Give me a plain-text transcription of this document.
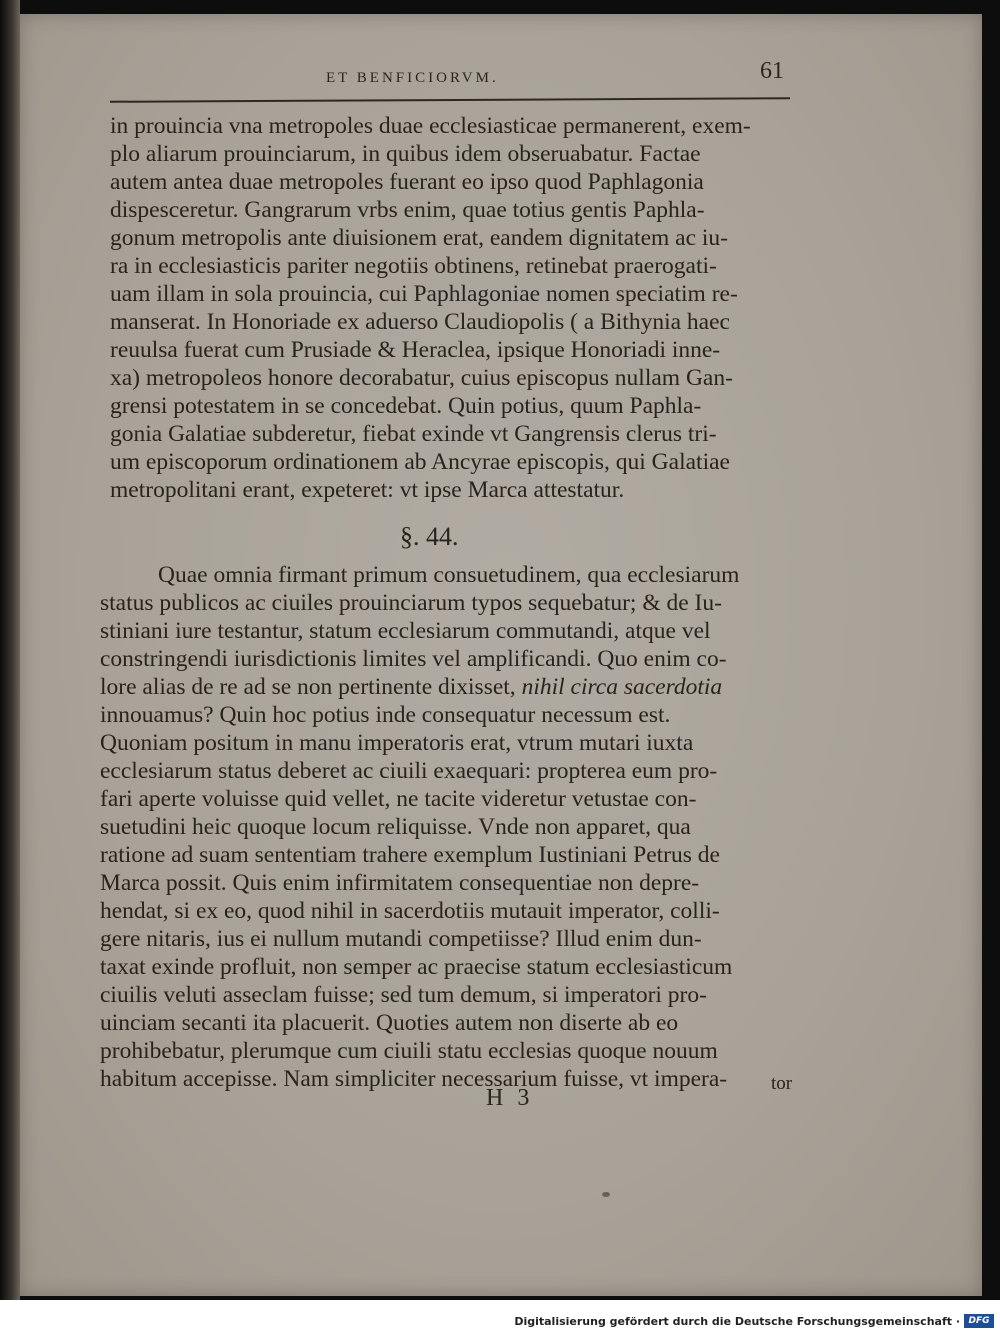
ET BENFICIORVM.	61
in prouincia vna metropoles duae ecclesiasticae permanerent, exem-
plo aliarum prouinciarum, in quibus idem obseruabatur. Factae
autem antea duae metropoles fuerant eo ipso quod Paphlagonia
dispesceretur. Gangrarum vrbs enim, quae totius gentis Paphla-
gonum metropolis ante diuisionem erat, eandem dignitatem ac iu-
ra in ecclesiasticis pariter negotiis obtinens, retinebat praerogati-
uam illam in sola prouincia, cui Paphlagoniae nomen speciatim re-
manserat. In Honoriade ex aduerso Claudiopolis ( a Bithynia haec
reuulsa fuerat cum Prusiade & Heraclea, ipsique Honoriadi inne-
xa) metropoleos honore decorabatur, cuius episcopus nullam Gan-
grensi potestatem in se concedebat. Quin potius, quum Paphla-
gonia Galatiae subderetur, fiebat exinde vt Gangrensis clerus tri-
um episcoporum ordinationem ab Ancyrae episcopis, qui Galatiae
metropolitani erant, expeteret: vt ipse Marca attestatur.
Quae omnia firmant primum consuetudinem, qua ecclesiarum
status publicos ac ciuiles prouinciarum typos sequebatur; & de Iu-
stiniani iure testantur, statum ecclesiarum commutandi, atque vel
constringendi iurisdictionis limites vel amplificandi. Quo enim co-
lore alias de re ad se non pertinente dixisset, nihil circa sacerdotia
innouamus? Quin hoc potius inde consequatur necessum est.
Quoniam positum in manu imperatoris erat, vtrum mutari iuxta
ecclesiarum status deberet ac ciuili exaequari: propterea eum pro-
fari aperte voluisse quid vellet, ne tacite videretur vetustae con-
suetudini heic quoque locum reliquisse. Vnde non apparet, qua
ratione ad suam sententiam trahere exemplum Iustiniani Petrus de
Marca possit. Quis enim infirmitatem consequentiae non depre-
hendat, si ex eo, quod nihil in sacerdotiis mutauit imperator, colli-
gere nitaris, ius ei nullum mutandi competiisse? Illud enim dun-
taxat exinde profluit, non semper ac praecise statum ecclesiasticum
ciuilis veluti asseclam fuisse; sed tum demum, si imperatori pro-
uinciam secanti ita placuerit. Quoties autem non diserte ab eo
prohibebatur, plerumque cum ciuili statu ecclesias quoque nouum
habitum accepisse. Nam simpliciter necessarium fuisse, vt impera-
§. 44.
tor
H 3
Digitalisierung gefördert durch die Deutsche Forschungsgemeinschaft · DFG
